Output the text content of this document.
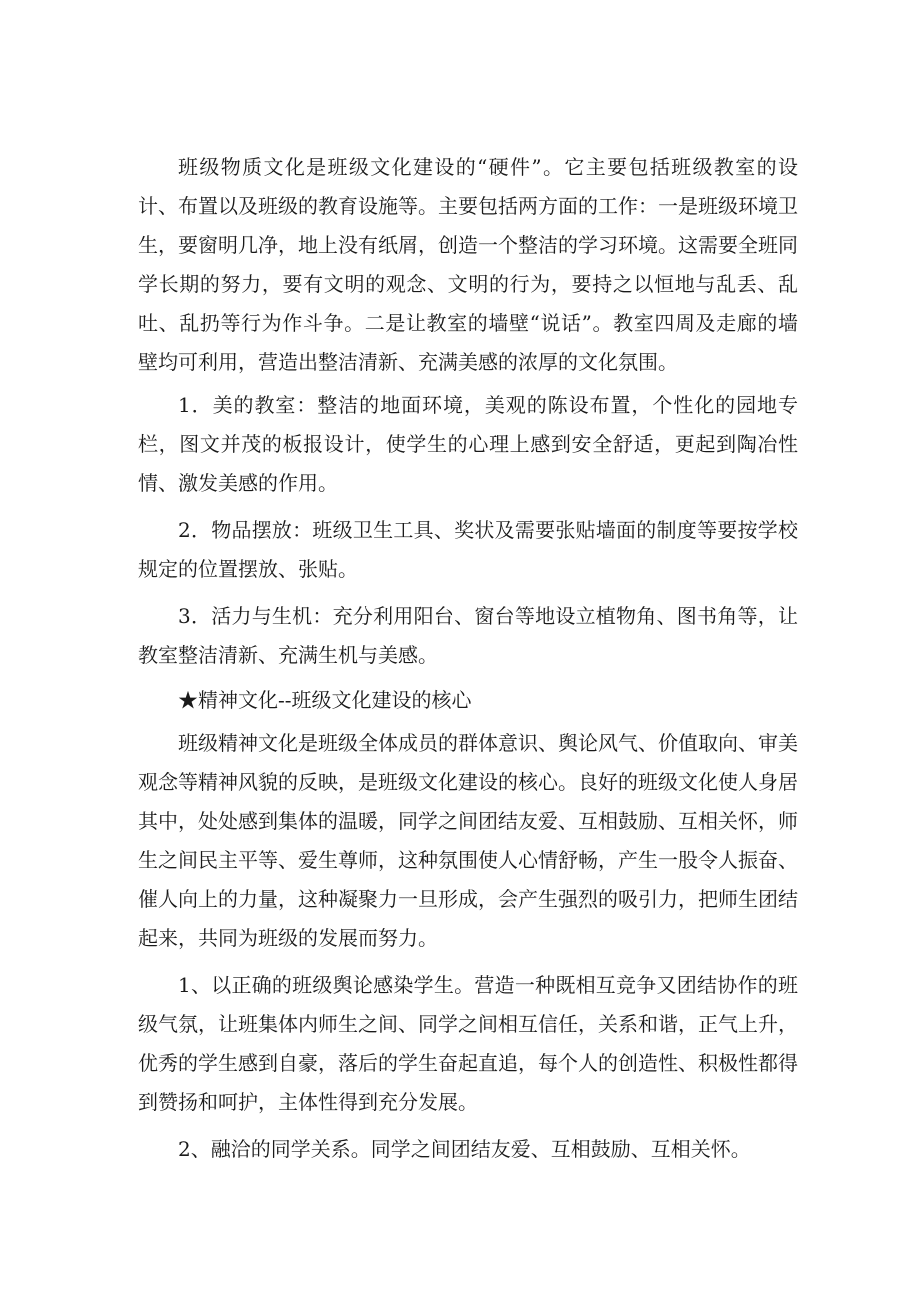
班级物质文化是班级文化建设的“硬件”。它主要包括班级教室的设计、布置以及班级的教育设施等。主要包括两方面的工作：一是班级环境卫生，要窗明几净，地上没有纸屑，创造一个整洁的学习环境。这需要全班同学长期的努力，要有文明的观念、文明的行为，要持之以恒地与乱丢、乱吐、乱扔等行为作斗争。二是让教室的墙壁“说话”。教室四周及走廊的墙壁均可利用，营造出整洁清新、充满美感的浓厚的文化氛围。

1．美的教室：整洁的地面环境，美观的陈设布置，个性化的园地专栏，图文并茂的板报设计，使学生的心理上感到安全舒适，更起到陶冶性情、激发美感的作用。

2．物品摆放：班级卫生工具、奖状及需要张贴墙面的制度等要按学校规定的位置摆放、张贴。

3．活力与生机：充分利用阳台、窗台等地设立植物角、图书角等，让教室整洁清新、充满生机与美感。

★精神文化--班级文化建设的核心

班级精神文化是班级全体成员的群体意识、舆论风气、价值取向、审美观念等精神风貌的反映，是班级文化建设的核心。良好的班级文化使人身居其中，处处感到集体的温暖，同学之间团结友爱、互相鼓励、互相关怀，师生之间民主平等、爱生尊师，这种氛围使人心情舒畅，产生一股令人振奋、催人向上的力量，这种凝聚力一旦形成，会产生强烈的吸引力，把师生团结起来，共同为班级的发展而努力。

1、以正确的班级舆论感染学生。营造一种既相互竞争又团结协作的班级气氛，让班集体内师生之间、同学之间相互信任，关系和谐，正气上升，优秀的学生感到自豪，落后的学生奋起直追，每个人的创造性、积极性都得到赞扬和呵护，主体性得到充分发展。

2、融洽的同学关系。同学之间团结友爱、互相鼓励、互相关怀。
